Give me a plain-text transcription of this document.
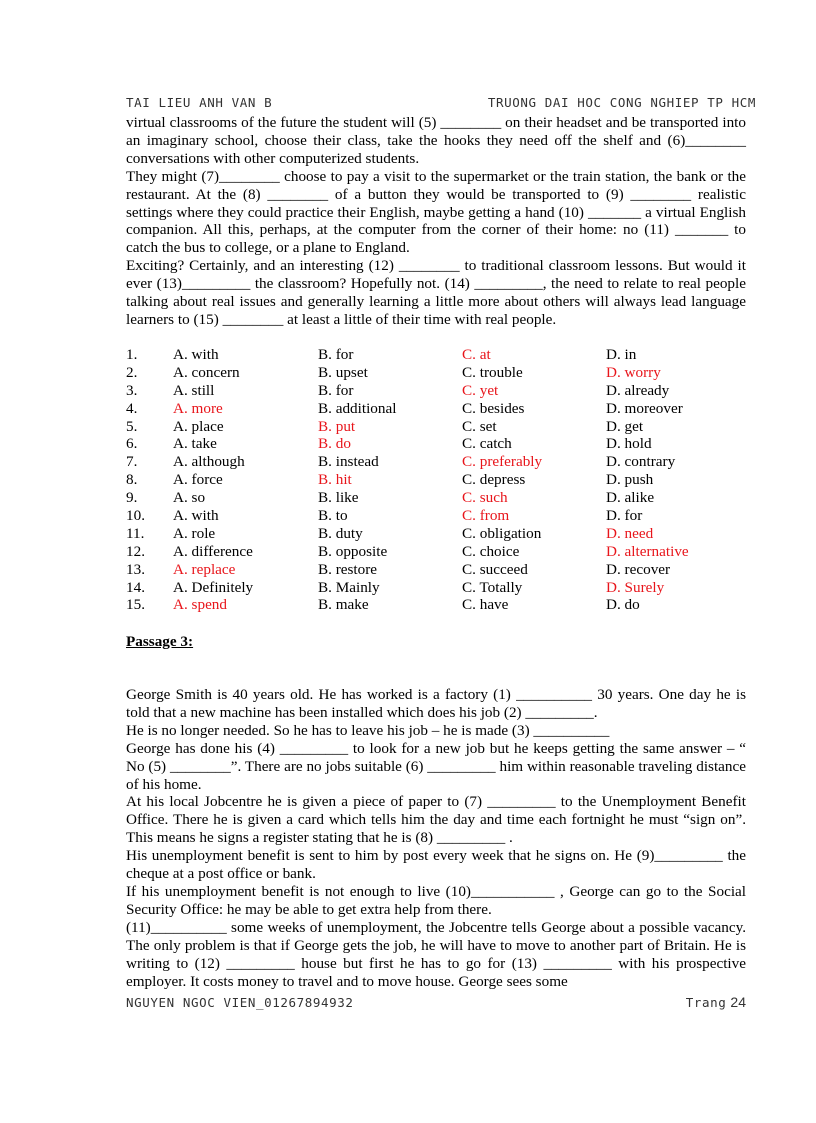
TAI LIEU ANH VAN B	TRUONG DAI HOC CONG NGHIEP TP HCM

virtual classrooms of the future the student will (5) ________ on their headset and be transported into an imaginary school, choose their class, take the hooks they need off the shelf and (6)________ conversations with other computerized students.

They might (7)________ choose to pay a visit to the supermarket or the train station, the bank or the restaurant. At the (8) ________ of a button they would be transported to (9) ________ realistic settings where they could practice their English, maybe getting a hand (10) _______ a virtual English companion. All this, perhaps, at the computer from the corner of their home: no (11) _______ to catch the bus to college, or a plane to England.

Exciting? Certainly, and an interesting (12) ________ to traditional classroom lessons. But would it ever (13)_________ the classroom? Hopefully not. (14) _________, the need to relate to real people talking about real issues and generally learning a little more about others will always lead language learners to (15) ________ at least a little of their time with real people.

1. A. with	B. for	C. at	D. in
2. A. concern	B. upset	C. trouble	D. worry
3. A. still	B. for	C. yet	D. already
4. A. more	B. additional	C. besides	D. moreover
5. A. place	B. put	C. set	D. get
6. A. take	B. do	C. catch	D. hold
7. A. although	B. instead	C. preferably	D. contrary
8. A. force	B. hit	C. depress	D. push
9. A. so	B. like	C. such	D. alike
10. A. with	B. to	C. from	D. for
11. A. role	B. duty	C. obligation	D. need
12. A. difference	B. opposite	C. choice	D. alternative
13. A. replace	B. restore	C. succeed	D. recover
14. A. Definitely	B. Mainly	C. Totally	D. Surely
15. A. spend	B. make	C. have	D. do
Passage 3:

George Smith is 40 years old. He has worked is a factory (1) __________ 30 years. One day he is told that a new machine has been installed which does his job (2) _________.

He is no longer needed. So he has to leave his job – he is made (3) __________

George has done his (4) _________ to look for a new job but he keeps getting the same answer – “ No (5) ________”. There are no jobs suitable (6) _________ him within reasonable traveling distance of his home.

At his local Jobcentre he is given a piece of paper to (7) _________ to the Unemployment Benefit Office. There he is given a card which tells him the day and time each fortnight he must “sign on”. This means he signs a register stating that he is (8) _________ .

His unemployment benefit is sent to him by post every week that he signs on. He (9)_________ the cheque at a post office or bank.

If his unemployment benefit is not enough to live (10)___________ , George can go to the Social Security Office: he may be able to get extra help from there.

(11)__________ some weeks of unemployment, the Jobcentre tells George about a possible vacancy. The only problem is that if George gets the job, he will have to move to another part of Britain. He is writing to (12) _________ house but first he has to go for (13) _________ with his prospective employer. It costs money to travel and to move house. George sees some

NGUYEN NGOC VIEN_01267894932	Trang 24
